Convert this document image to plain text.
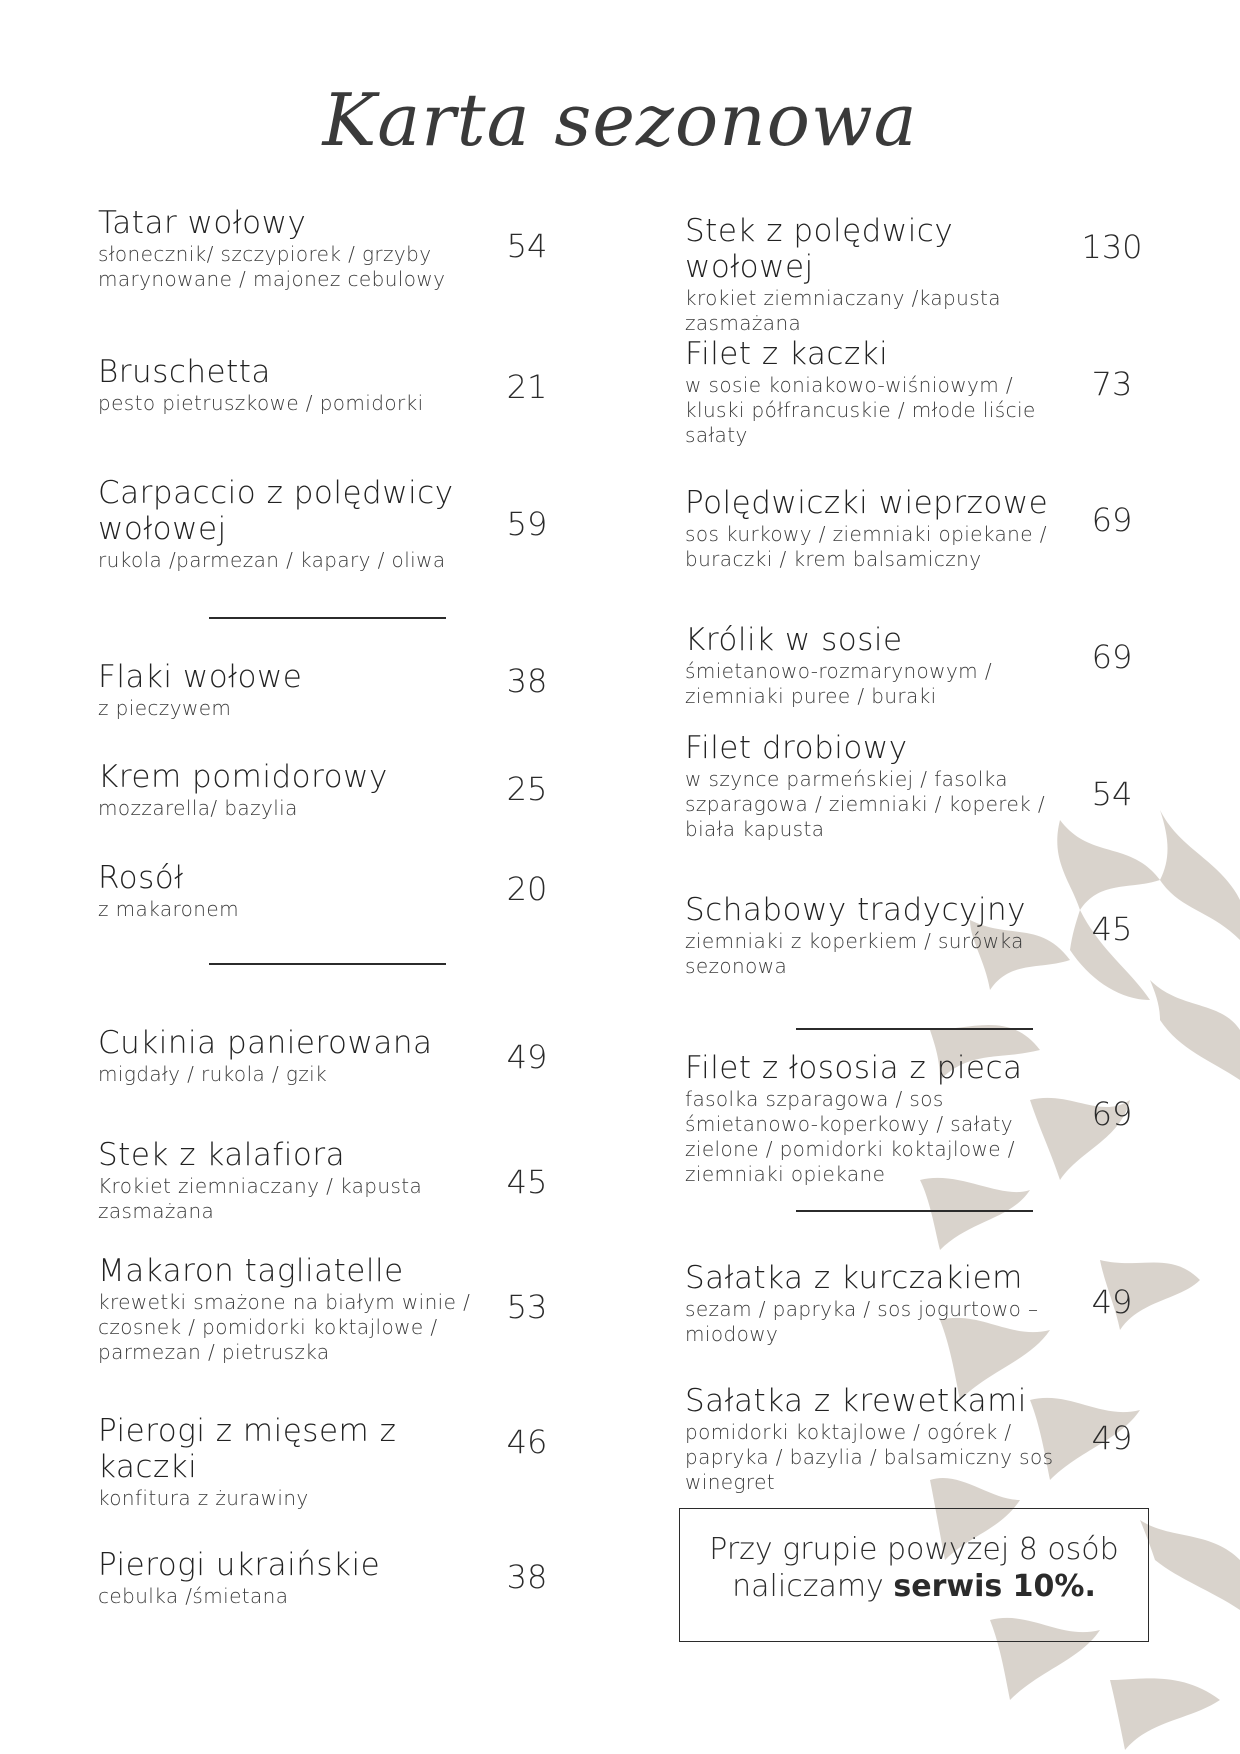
Karta sezonowa
Tatar wołowy
słonecznik/ szczypiorek / grzyby marynowane / majonez cebulowy
54
Bruschetta
pesto pietruszkowe / pomidorki	21
Carpaccio z polędwicy wołowej
rukola /parmezan / kapary / oliwa
59
Flaki wołowe
z pieczywem
38
Krem pomidorowy
mozzarella/ bazylia	25
Rosół
z makaronem
20
Cukinia panierowana
migdały / rukola / gzik	49
Stek z kalafiora
Krokiet ziemniaczany / kapusta zasmażana
45
Makaron tagliatelle
krewetki smażone na białym winie / czosnek / pomidorki koktajlowe / parmezan / pietruszka
53
Pierogi z mięsem z kaczki
konfitura z żurawiny
46
Pierogi ukraińskie
cebulka /śmietana	38
Stek z polędwicy wołowej
krokiet ziemniaczany /kapusta zasmażana
130
Filet z kaczki
w sosie koniakowo-wiśniowym / kluski półfrancuskie / młode liście sałaty
73
Polędwiczki wieprzowe
sos kurkowy / ziemniaki opiekane / buraczki / krem balsamiczny
69
Królik w sosie
śmietanowo-rozmarynowym / ziemniaki puree / buraki
69
Filet drobiowy
w szynce parmeńskiej / fasolka szparagowa / ziemniaki / koperek / biała kapusta
54
Schabowy tradycyjny
ziemniaki z koperkiem / surówka sezonowa
45
Filet z łososia z pieca
fasolka szparagowa / sos śmietanowo-koperkowy / sałaty zielone / pomidorki koktajlowe / ziemniaki opiekane
69
Sałatka z kurczakiem
sezam / papryka / sos jogurtowo – miodowy
49
Sałatka z krewetkami
pomidorki koktajlowe / ogórek / papryka / bazylia / balsamiczny sos winegret
49
Przy grupie powyżej 8 osób
naliczamy serwis 10%.
